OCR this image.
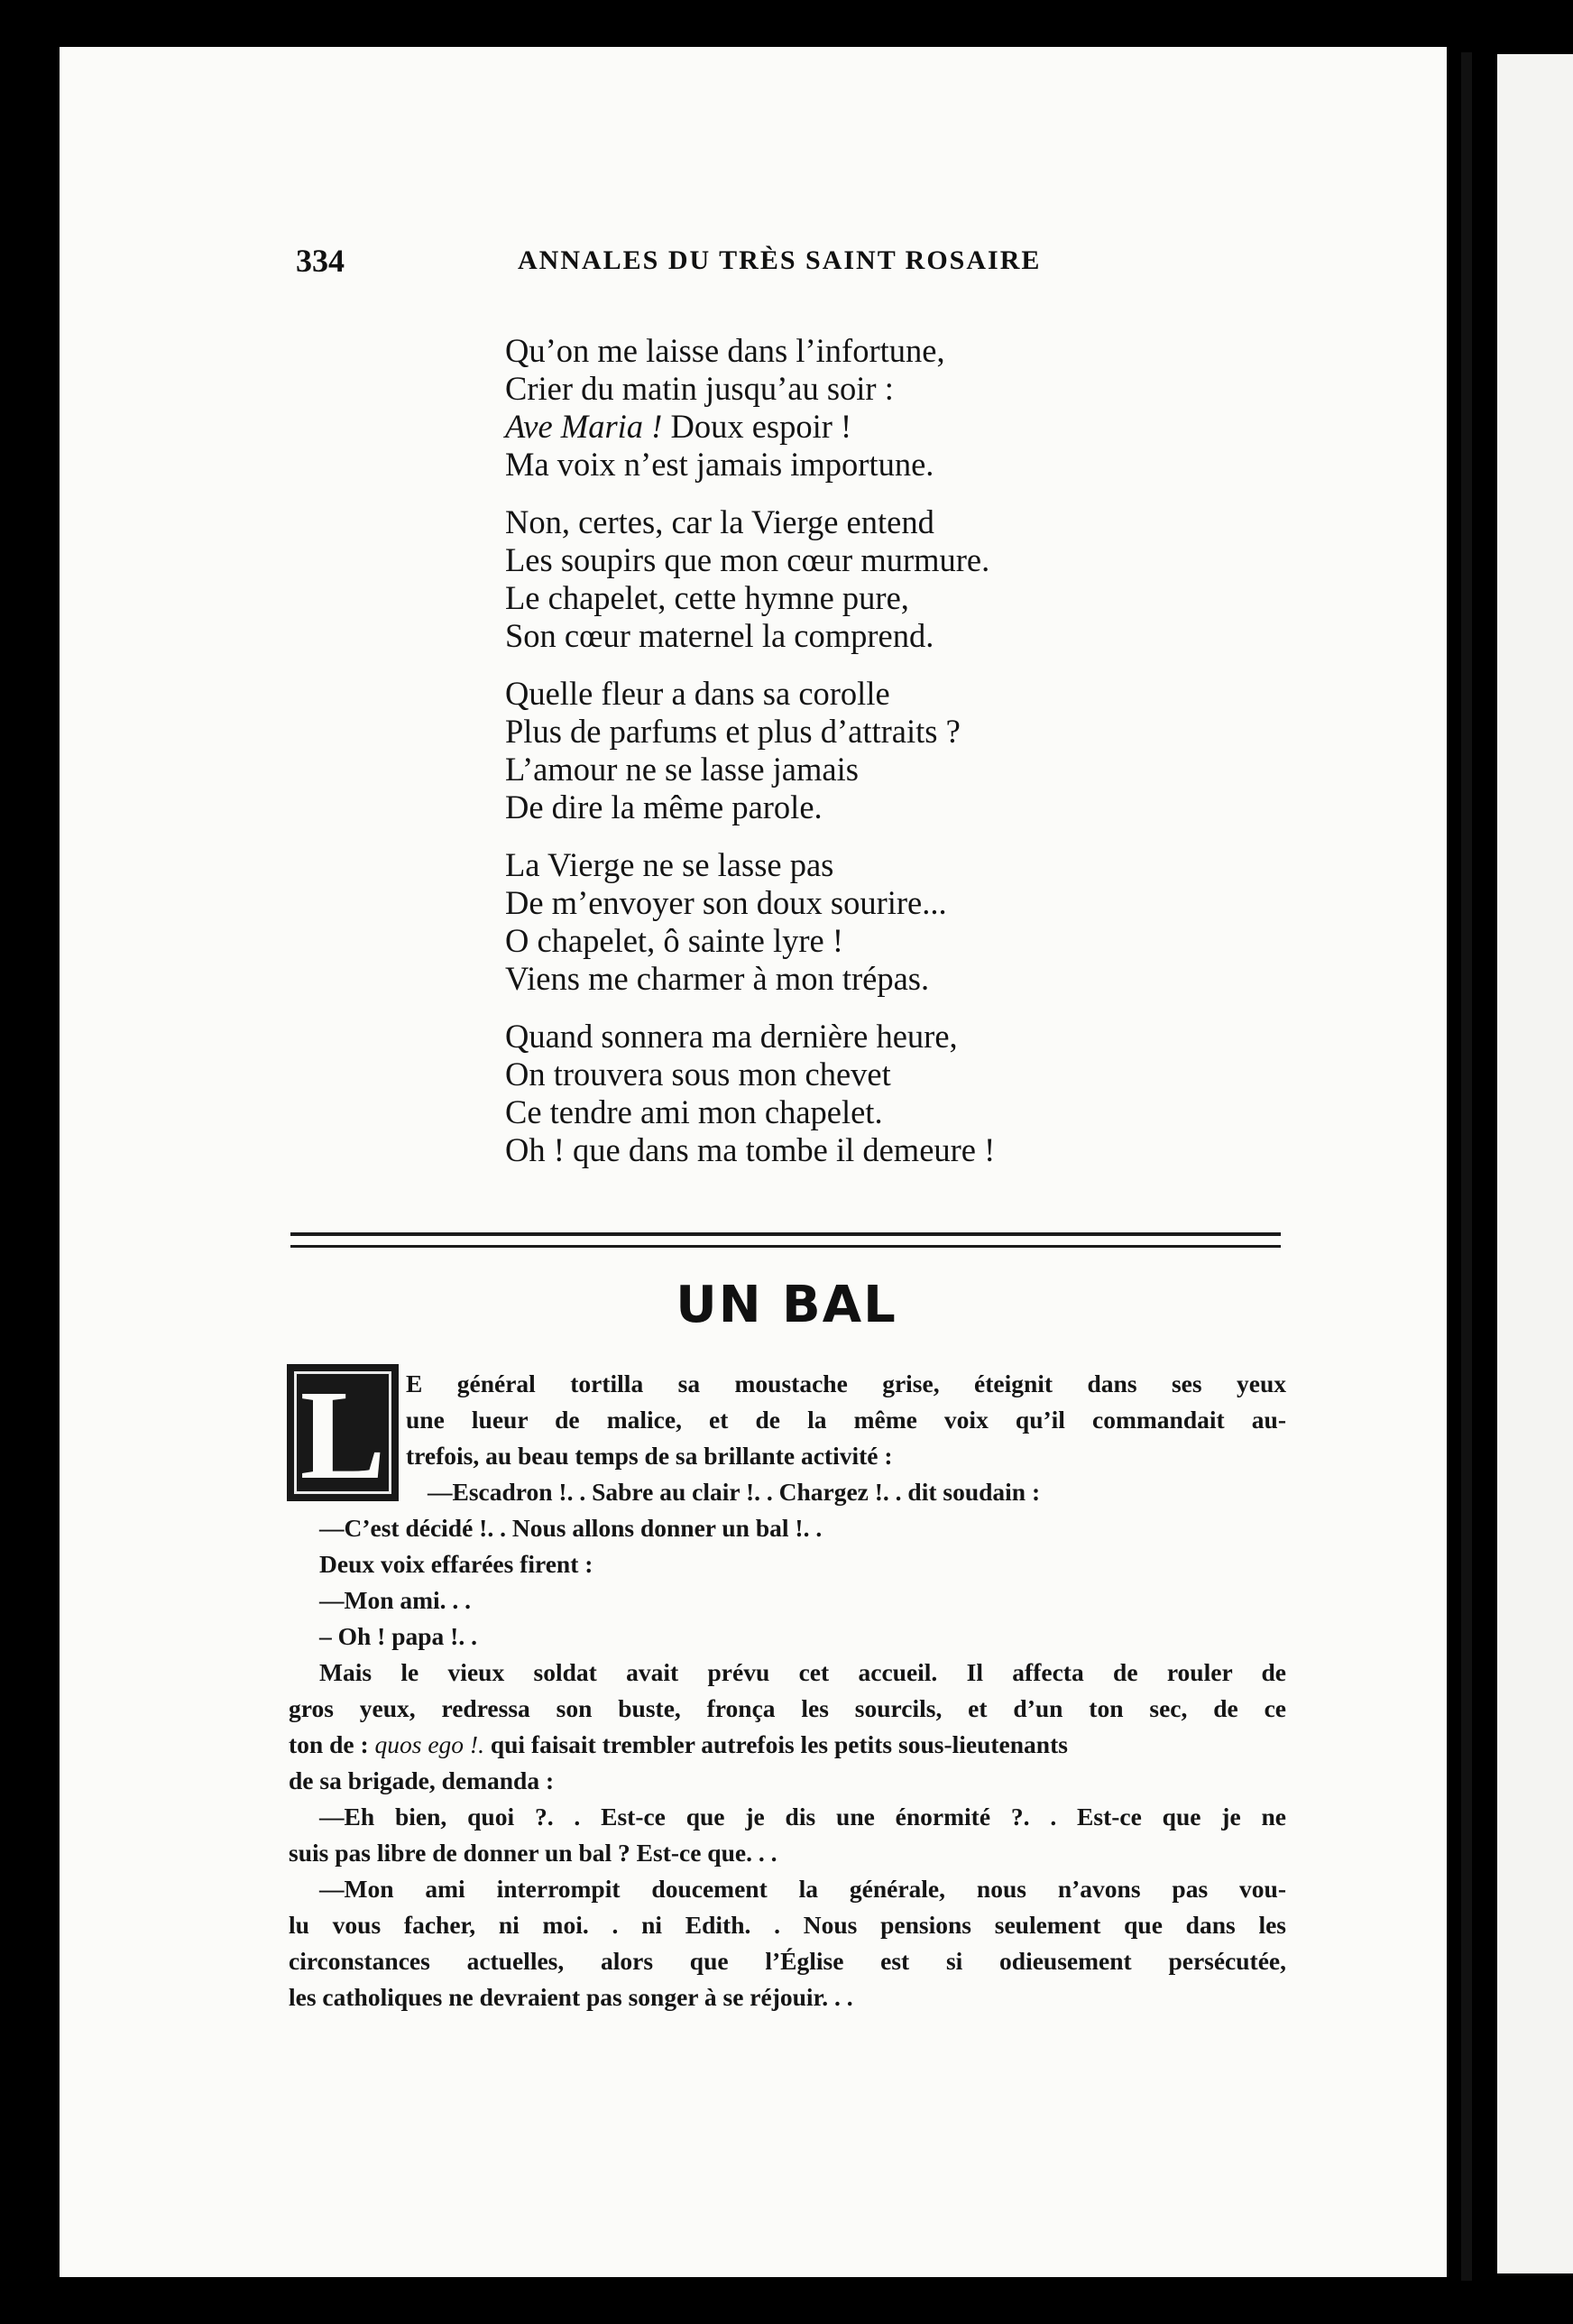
334	ANNALES DU TRÈS SAINT ROSAIRE
Qu’on me laisse dans l’infortune,
Crier du matin jusqu’au soir :
Ave Maria ! Doux espoir !
Ma voix n’est jamais importune.
Non, certes, car la Vierge entend
Les soupirs que mon cœur murmure.
Le chapelet, cette hymne pure,
Son cœur maternel la comprend.
Quelle fleur a dans sa corolle
Plus de parfums et plus d’attraits ?
L’amour ne se lasse jamais
De dire la même parole.
La Vierge ne se lasse pas
De m’envoyer son doux sourire...
O chapelet, ô sainte lyre !
Viens me charmer à mon trépas.
Quand sonnera ma dernière heure,
On trouvera sous mon chevet
Ce tendre ami mon chapelet.
Oh ! que dans ma tombe il demeure !
UN BAL
L E général tortilla sa moustache grise, éteignit dans ses yeux
une lueur de malice, et de la même voix qu’il commandait au-
trefois, au beau temps de sa brillante activité :
—Escadron !. . Sabre au clair !. . Chargez !. . dit soudain :
—C’est décidé !. . Nous allons donner un bal !. .
Deux voix effarées firent :
—Mon ami. . .
– Oh ! papa !. .
Mais le vieux soldat avait prévu cet accueil. Il affecta de rouler de
gros yeux, redressa son buste, fronça les sourcils, et d’un ton sec, de ce
ton de : quos ego !. qui faisait trembler autrefois les petits sous-lieutenants
de sa brigade, demanda :
—Eh bien, quoi ?. . Est-ce que je dis une énormité ?. . Est-ce que je ne
suis pas libre de donner un bal ? Est-ce que. . .
—Mon ami interrompit doucement la générale, nous n’avons pas vou-
lu vous facher, ni moi. . ni Edith. . Nous pensions seulement que dans les
circonstances actuelles, alors que l’Église est si odieusement persécutée,
les catholiques ne devraient pas songer à se réjouir. . .
